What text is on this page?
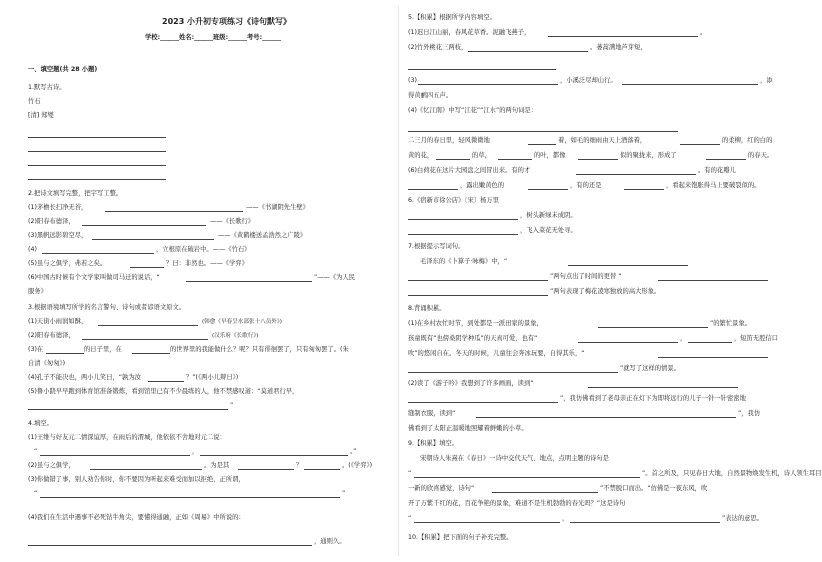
2023 小升初专项练习《诗句默写》
学校:______姓名:______班级:______考号:______
一、填空题(共 28 小题)
1.默写古诗。
竹石
[清] 郑燮
2.把诗文填写完整，把字写工整。
(1)茅檐长扫净无苔，	——《书湖阴先生壁》
(2)阳春布德泽，	——《长歌行》
(3)黑帆远影碧空尽，	——《黄鹤楼送孟浩然之广陵》
(4)	，立根原在破岩中。——《竹石》
(5)虽与之俱学，弗若之矣。	？曰：非然也。——《学弈》
(6)中国古时候有个文学家叫做司马迁的说话，“	”——《为人民
服务》
3.根据语境填写所学的名言警句、诗句或者谚语文原文。
(1)天街小雨润如酥，	(韩愈《早春呈水部张十八员外》)
(2)阳春布德泽，	(汉乐府《长歌行》)
(3)在	的日子里，在	的世界里的我能做什么？呢？只有徘徊罢了，只有匆匆罢了。(朱
自清《匆匆》)
(4)孔子不能决也，两小儿笑曰，“孰为汝	？”(《两小儿辩日》)
(5)鲁小跷早早跑到体育馆准备锻炼，看到馆里已有不少晨练的人，他不禁感叹道：“莫道君行早，
”
4.填空。
(1)王维与好友元二情深谊厚，在雨后的渭城，他依依不舍地对元二说：
“	，	。”
(2)虽与之俱学，	。为是其	？	。(《学弈》)
(3)你做错了事，别人劝告你时，你不要因为听起来难受而加以拒绝，正所谓，
“	”
(4)我们在生活中遇事不必死钻牛角尖，要懂得通融，正如《周易》中所说的：
，通则久。
5.【积累】根据所学内容填空。
(1)迟日江山丽，春风花草香。泥融飞燕子，	。
(2)竹外桃花三两枝，	。蒌蒿满地芦芽短，
(3)	，小溪泛尽却山行。	，添
得黄鹂四五声。
(4)《忆江南》中写“江花”“江水”的两句词是：
二三月的春日里，轻风微微地	着，如毛的细雨由天上酒落着，	的柔柳，红的白的
黄的花，	的草，	的叶，都像	似的聚拢来，形成了	的春天。
(6)白荷花在这片大园盘之间冒出来。有的才	。有的花瓣儿
，露出嫩黄色的	，有的还是	，看起来饱胀得马上要破裂似的。
6.《宿新市徐公店》〔宋〕杨万里
，树头新绿未成阴。
，飞入菜花无处寻。
7.根据提示写词句。
毛泽东的《卜算子·咏梅》中，“
”两句点出了时间的更替 “
”两句表现了梅花凌寒独放的高大形象。
8.背诵积累。
(1)在乡村农忙时节，到处都是一派田家的景象，	”的繁忙景象。
孩童既有“也傍桑阴学种瓜”的天真可爱，也有“	，	，短笛无腔信口
吹”的悠闲自在。冬天的时候，儿童往会奔冰玩要，自得其乐，“
”就写了这样的情景。
(2)读了《游子吟》我想到了许多画面，读到“
”，我仿佛看到了老母亲正在灯下为即将远行的儿子一针一针密密地
缝制衣服，读到“	”，我仿
佛看到了太阳正温暖地照耀着鲜嫩的小草。
9.【积累】填空。
宋朝诗人朱熹在《春日》一诗中交代天气、地点，点明主题的诗句是
“	”。首之所及，只见春日大地，自然景物焕发生机，诗人领生耳目
一新的欣喜感觉，诗句“	”不禁脱口而出。“仿佛是一夜东风，吹
开了万紫千红的花，百花争艳的景象，难道不是生机勃勃的春光吗？”这是诗句
“	，	”表达的意思。
10.【积累】把下面的句子补充完整。
